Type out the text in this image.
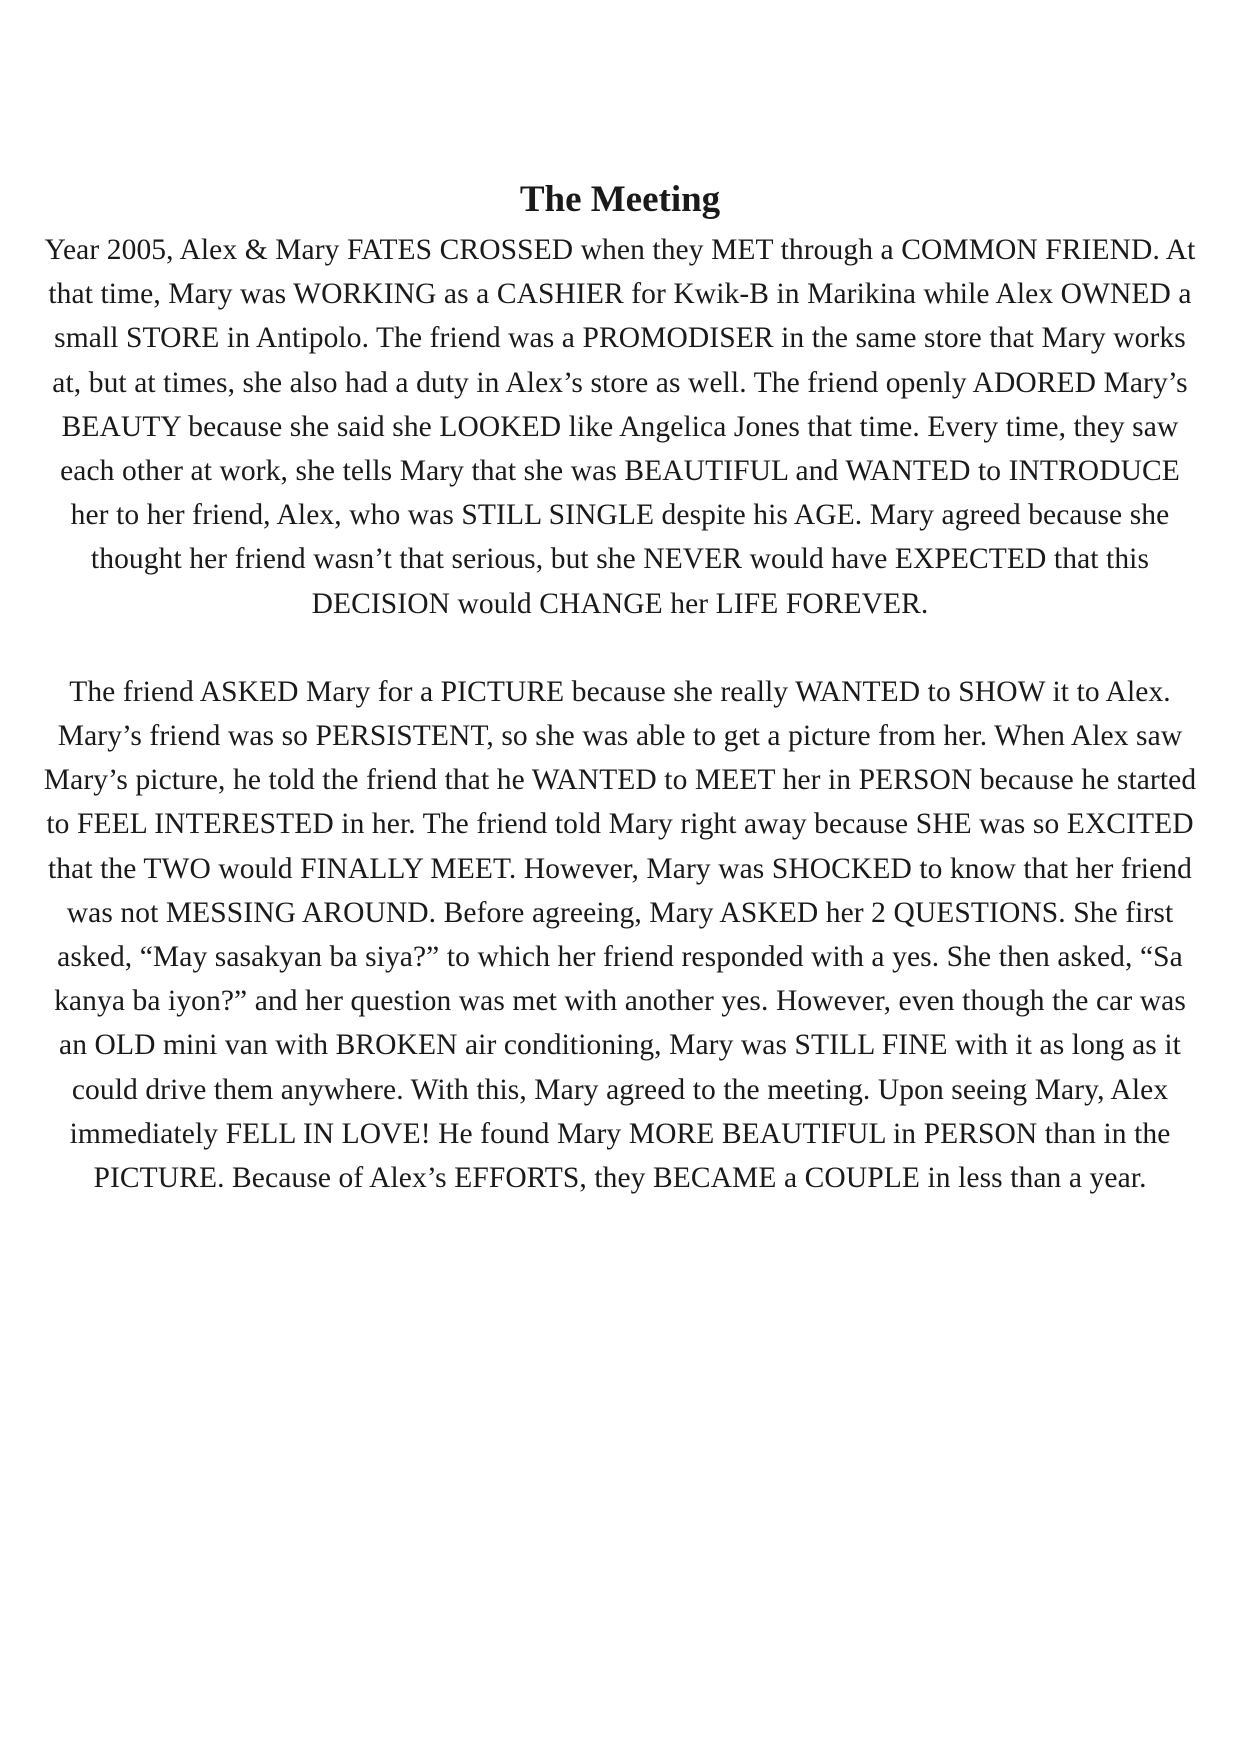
The Meeting

Year 2005, Alex & Mary FATES CROSSED when they MET through a COMMON FRIEND. At that time, Mary was WORKING as a CASHIER for Kwik-B in Marikina while Alex OWNED a small STORE in Antipolo. The friend was a PROMODISER in the same store that Mary works at, but at times, she also had a duty in Alex’s store as well. The friend openly ADORED Mary’s BEAUTY because she said she LOOKED like Angelica Jones that time. Every time, they saw each other at work, she tells Mary that she was BEAUTIFUL and WANTED to INTRODUCE her to her friend, Alex, who was STILL SINGLE despite his AGE. Mary agreed because she thought her friend wasn’t that serious, but she NEVER would have EXPECTED that this DECISION would CHANGE her LIFE FOREVER.

The friend ASKED Mary for a PICTURE because she really WANTED to SHOW it to Alex. Mary’s friend was so PERSISTENT, so she was able to get a picture from her. When Alex saw Mary’s picture, he told the friend that he WANTED to MEET her in PERSON because he started to FEEL INTERESTED in her. The friend told Mary right away because SHE was so EXCITED that the TWO would FINALLY MEET. However, Mary was SHOCKED to know that her friend was not MESSING AROUND. Before agreeing, Mary ASKED her 2 QUESTIONS. She first asked, “May sasakyan ba siya?” to which her friend responded with a yes. She then asked, “Sa kanya ba iyon?” and her question was met with another yes. However, even though the car was an OLD mini van with BROKEN air conditioning, Mary was STILL FINE with it as long as it could drive them anywhere. With this, Mary agreed to the meeting. Upon seeing Mary, Alex immediately FELL IN LOVE! He found Mary MORE BEAUTIFUL in PERSON than in the PICTURE. Because of Alex’s EFFORTS, they BECAME a COUPLE in less than a year.
